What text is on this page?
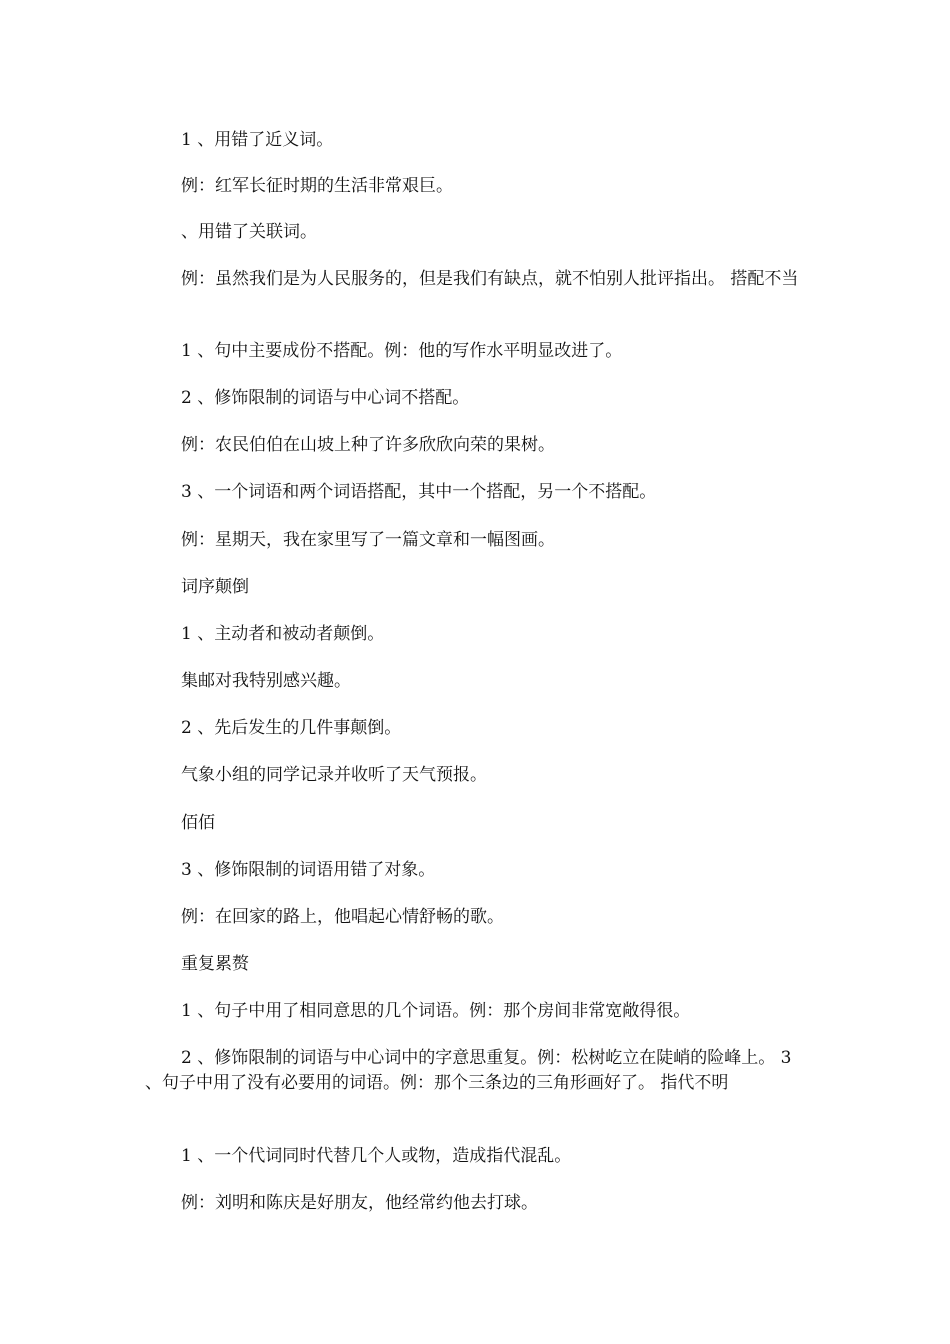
1 、用错了近义词。

例：红军长征时期的生活非常艰巨。

、用错了关联词。

例：虽然我们是为人民服务的，但是我们有缺点，就不怕别人批评指出。 搭配不当

1 、句中主要成份不搭配。例：他的写作水平明显改进了。

2 、修饰限制的词语与中心词不搭配。

例：农民伯伯在山坡上种了许多欣欣向荣的果树。

3 、一个词语和两个词语搭配，其中一个搭配，另一个不搭配。

例：星期天，我在家里写了一篇文章和一幅图画。

词序颠倒

1 、主动者和被动者颠倒。

集邮对我特别感兴趣。

2 、先后发生的几件事颠倒。

气象小组的同学记录并收听了天气预报。

佰佰

3 、修饰限制的词语用错了对象。

例：在回家的路上，他唱起心情舒畅的歌。

重复累赘

1 、句子中用了相同意思的几个词语。例：那个房间非常宽敞得很。

2 、修饰限制的词语与中心词中的字意思重复。例：松树屹立在陡峭的险峰上。 3 、句子中用了没有必要用的词语。例：那个三条边的三角形画好了。 指代不明

1 、一个代词同时代替几个人或物，造成指代混乱。

例：刘明和陈庆是好朋友，他经常约他去打球。
